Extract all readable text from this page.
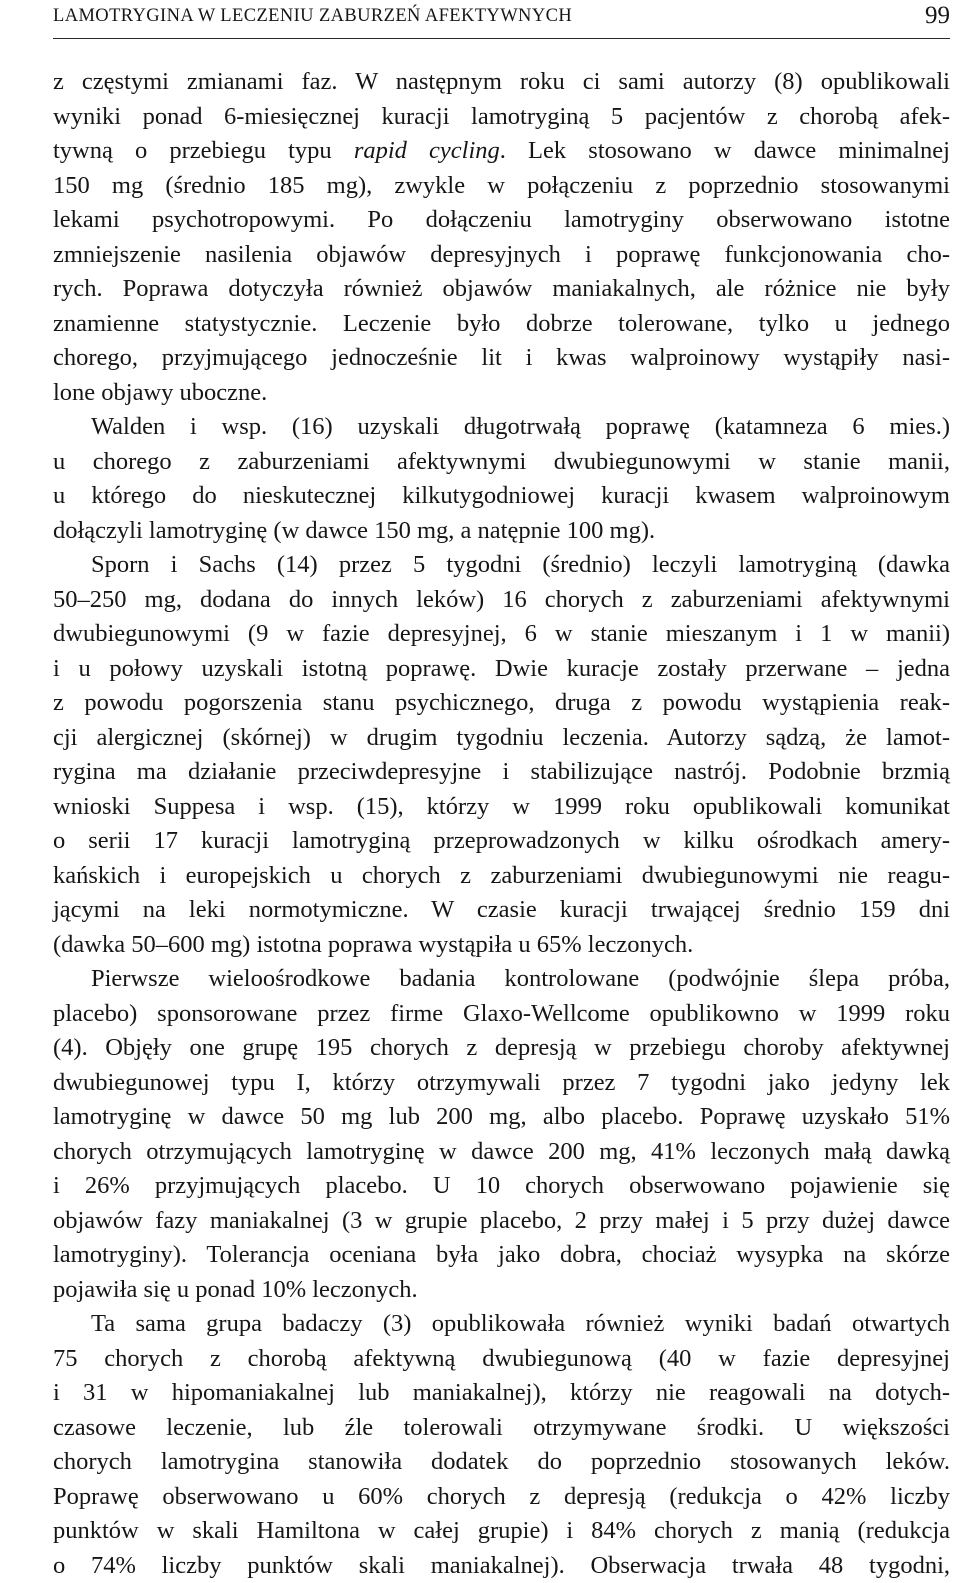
LAMOTRYGINA W LECZENIU ZABURZEŃ AFEKTYWNYCH	99
z częstymi zmianami faz. W następnym roku ci sami autorzy (8) opublikowali
wyniki ponad 6-miesięcznej kuracji lamotryginą 5 pacjentów z chorobą afek-
tywną o przebiegu typu rapid cycling. Lek stosowano w dawce minimalnej
150 mg (średnio 185 mg), zwykle w połączeniu z poprzednio stosowanymi
lekami psychotropowymi. Po dołączeniu lamotryginy obserwowano istotne
zmniejszenie nasilenia objawów depresyjnych i poprawę funkcjonowania cho-
rych. Poprawa dotyczyła również objawów maniakalnych, ale różnice nie były
znamienne statystycznie. Leczenie było dobrze tolerowane, tylko u jednego
chorego, przyjmującego jednocześnie lit i kwas walproinowy wystąpiły nasi-
lone objawy uboczne.
Walden i wsp. (16) uzyskali długotrwałą poprawę (katamneza 6 mies.)
u chorego z zaburzeniami afektywnymi dwubiegunowymi w stanie manii,
u którego do nieskutecznej kilkutygodniowej kuracji kwasem walproinowym
dołączyli lamotryginę (w dawce 150 mg, a natępnie 100 mg).
Sporn i Sachs (14) przez 5 tygodni (średnio) leczyli lamotryginą (dawka
50–250 mg, dodana do innych leków) 16 chorych z zaburzeniami afektywnymi
dwubiegunowymi (9 w fazie depresyjnej, 6 w stanie mieszanym i 1 w manii)
i u połowy uzyskali istotną poprawę. Dwie kuracje zostały przerwane – jedna
z powodu pogorszenia stanu psychicznego, druga z powodu wystąpienia reak-
cji alergicznej (skórnej) w drugim tygodniu leczenia. Autorzy sądzą, że lamot-
rygina ma działanie przeciwdepresyjne i stabilizujące nastrój. Podobnie brzmią
wnioski Suppesa i wsp. (15), którzy w 1999 roku opublikowali komunikat
o serii 17 kuracji lamotryginą przeprowadzonych w kilku ośrodkach amery-
kańskich i europejskich u chorych z zaburzeniami dwubiegunowymi nie reagu-
jącymi na leki normotymiczne. W czasie kuracji trwającej średnio 159 dni
(dawka 50–600 mg) istotna poprawa wystąpiła u 65% leczonych.
Pierwsze wieloośrodkowe badania kontrolowane (podwójnie ślepa próba,
placebo) sponsorowane przez firme Glaxo-Wellcome opublikowno w 1999 roku
(4). Objęły one grupę 195 chorych z depresją w przebiegu choroby afektywnej
dwubiegunowej typu I, którzy otrzymywali przez 7 tygodni jako jedyny lek
lamotryginę w dawce 50 mg lub 200 mg, albo placebo. Poprawę uzyskało 51%
chorych otrzymujących lamotryginę w dawce 200 mg, 41% leczonych małą dawką
i 26% przyjmujących placebo. U 10 chorych obserwowano pojawienie się
objawów fazy maniakalnej (3 w grupie placebo, 2 przy małej i 5 przy dużej dawce
lamotryginy). Tolerancja oceniana była jako dobra, chociaż wysypka na skórze
pojawiła się u ponad 10% leczonych.
Ta sama grupa badaczy (3) opublikowała również wyniki badań otwartych
75 chorych z chorobą afektywną dwubiegunową (40 w fazie depresyjnej
i 31 w hipomaniakalnej lub maniakalnej), którzy nie reagowali na dotych-
czasowe leczenie, lub źle tolerowali otrzymywane środki. U większości
chorych lamotrygina stanowiła dodatek do poprzednio stosowanych leków.
Poprawę obserwowano u 60% chorych z depresją (redukcja o 42% liczby
punktów w skali Hamiltona w całej grupie) i 84% chorych z manią (redukcja
o 74% liczby punktów skali maniakalnej). Obserwacja trwała 48 tygodni,
